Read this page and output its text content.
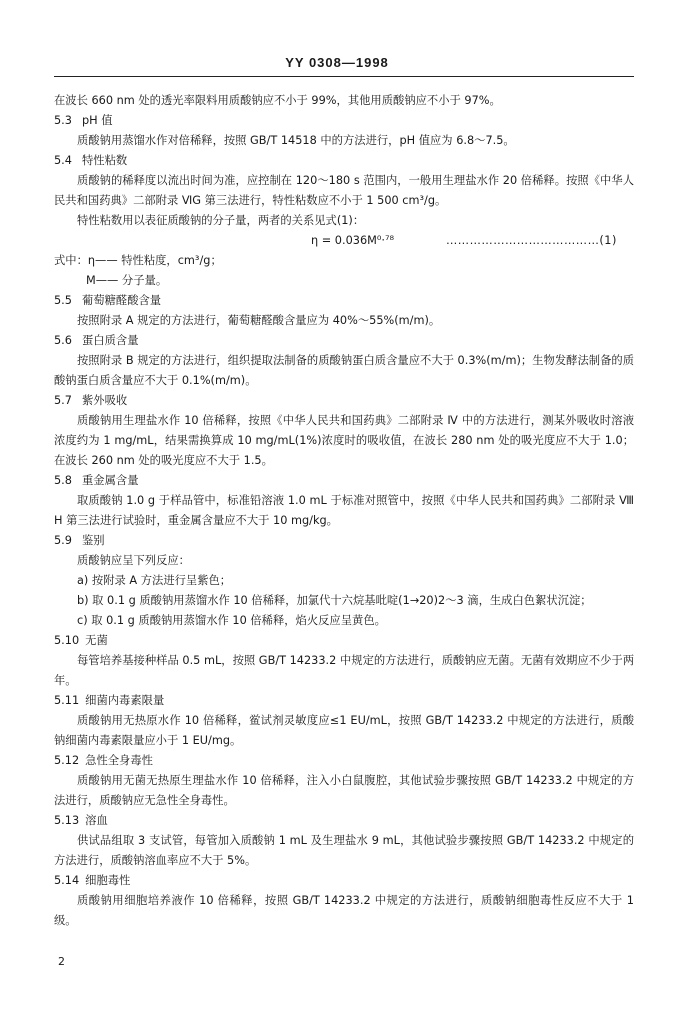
YY 0308—1998

在波长 660 nm 处的透光率限料用质酸钠应不小于 99%，其他用质酸钠应不小于 97%。

5.3 pH 值

质酸钠用蒸馏水作对倍稀释，按照 GB/T 14518 中的方法进行，pH 值应为 6.8～7.5。

5.4 特性粘数

质酸钠的稀释度以流出时间为准，应控制在 120～180 s 范围内，一般用生理盐水作 20 倍稀释。按照《中华人民共和国药典》二部附录 ⅥG 第三法进行，特性粘数应不小于 1 500 cm³/g。

特性粘数用以表征质酸钠的分子量，两者的关系见式(1)：

η = 0.036M⁰·⁷⁸	…………………………………(1)

式中：η—— 特性粘度，cm³/g；

M—— 分子量。

5.5 葡萄糖醛酸含量

按照附录 A 规定的方法进行，葡萄糖醛酸含量应为 40%～55%(m/m)。

5.6 蛋白质含量

按照附录 B 规定的方法进行，组织提取法制备的质酸钠蛋白质含量应不大于 0.3%(m/m)；生物发酵法制备的质酸钠蛋白质含量应不大于 0.1%(m/m)。

5.7 紫外吸收

质酸钠用生理盐水作 10 倍稀释，按照《中华人民共和国药典》二部附录 Ⅳ 中的方法进行，测某外吸收时溶液浓度约为 1 mg/mL，结果需换算成 10 mg/mL(1%)浓度时的吸收值，在波长 280 nm 处的吸光度应不大于 1.0；在波长 260 nm 处的吸光度应不大于 1.5。

5.8 重金属含量

取质酸钠 1.0 g 于样品管中，标准铅溶液 1.0 mL 于标准对照管中，按照《中华人民共和国药典》二部附录 Ⅷ H 第三法进行试验时，重金属含量应不大于 10 mg/kg。

5.9 鉴别

质酸钠应呈下列反应：

a) 按附录 A 方法进行呈紫色；

b) 取 0.1 g 质酸钠用蒸馏水作 10 倍稀释，加氯代十六烷基吡啶(1→20)2～3 滴，生成白色絮状沉淀；

c) 取 0.1 g 质酸钠用蒸馏水作 10 倍稀释，焰火反应呈黄色。

5.10 无菌

每管培养基接种样品 0.5 mL，按照 GB/T 14233.2 中规定的方法进行，质酸钠应无菌。无菌有效期应不少于两年。

5.11 细菌内毒素限量

质酸钠用无热原水作 10 倍稀释，鲎试剂灵敏度应≤1 EU/mL，按照 GB/T 14233.2 中规定的方法进行，质酸钠细菌内毒素限量应小于 1 EU/mg。

5.12 急性全身毒性

质酸钠用无菌无热原生理盐水作 10 倍稀释，注入小白鼠腹腔，其他试验步骤按照 GB/T 14233.2 中规定的方法进行，质酸钠应无急性全身毒性。

5.13 溶血

供试品组取 3 支试管，每管加入质酸钠 1 mL 及生理盐水 9 mL，其他试验步骤按照 GB/T 14233.2 中规定的方法进行，质酸钠溶血率应不大于 5%。

5.14 细胞毒性

质酸钠用细胞培养液作 10 倍稀释，按照 GB/T 14233.2 中规定的方法进行，质酸钠细胞毒性反应不大于 1 级。

2
